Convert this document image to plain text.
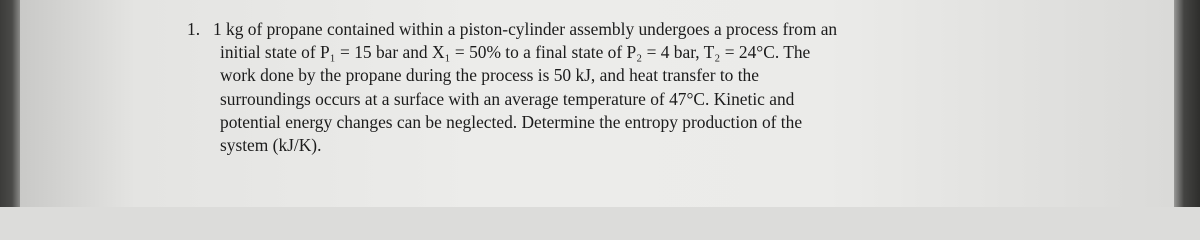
1. 1 kg of propane contained within a piston-cylinder assembly undergoes a process from an
initial state of P₁ = 15 bar and X₁ = 50% to a final state of P₂ = 4 bar, T₂ = 24°C. The
work done by the propane during the process is 50 kJ, and heat transfer to the
surroundings occurs at a surface with an average temperature of 47°C. Kinetic and
potential energy changes can be neglected. Determine the entropy production of the
system (kJ/K).
